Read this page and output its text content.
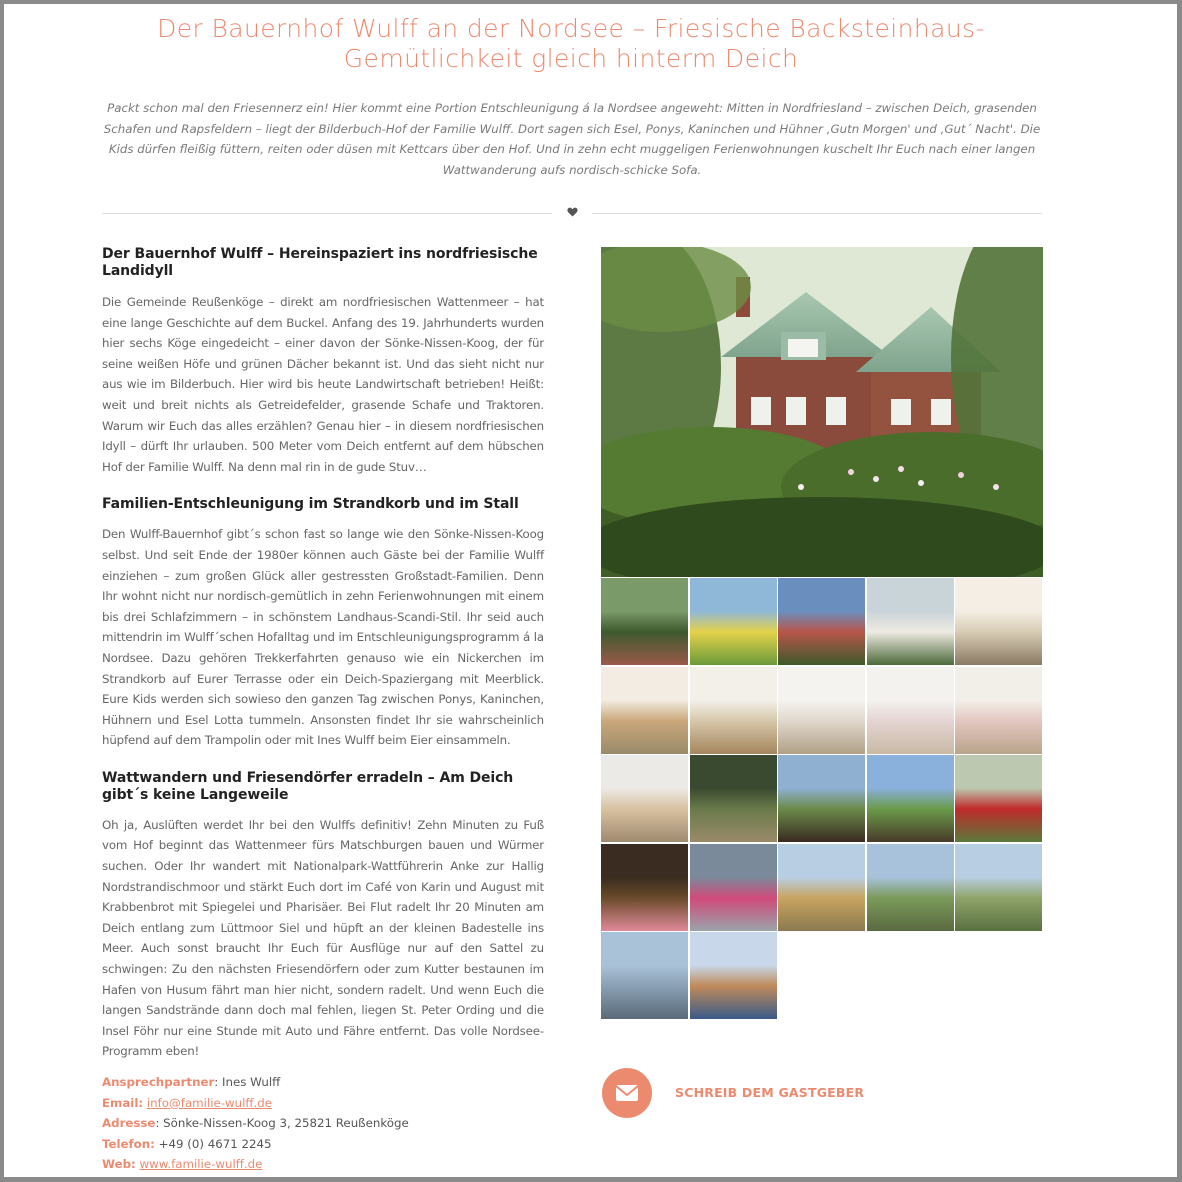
Der Bauernhof Wulff an der Nordsee – Friesische Backsteinhaus-Gemütlichkeit gleich hinterm Deich

Packt schon mal den Friesennerz ein! Hier kommt eine Portion Entschleunigung á la Nordsee angeweht: Mitten in Nordfriesland – zwischen Deich, grasenden Schafen und Rapsfeldern – liegt der Bilderbuch-Hof der Familie Wulff. Dort sagen sich Esel, Ponys, Kaninchen und Hühner ‚Gutn Morgen' und ‚Gut´ Nacht'. Die Kids dürfen fleißig füttern, reiten oder düsen mit Kettcars über den Hof. Und in zehn echt muggeligen Ferienwohnungen kuschelt Ihr Euch nach einer langen Wattwanderung aufs nordisch-schicke Sofa.

Der Bauernhof Wulff – Hereinspaziert ins nordfriesische Landidyll

Die Gemeinde Reußenköge – direkt am nordfriesischen Wattenmeer – hat eine lange Geschichte auf dem Buckel. Anfang des 19. Jahrhunderts wurden hier sechs Köge eingedeicht – einer davon der Sönke-Nissen-Koog, der für seine weißen Höfe und grünen Dächer bekannt ist. Und das sieht nicht nur aus wie im Bilderbuch. Hier wird bis heute Landwirtschaft betrieben! Heißt: weit und breit nichts als Getreidefelder, grasende Schafe und Traktoren. Warum wir Euch das alles erzählen? Genau hier – in diesem nordfriesischen Idyll – dürft Ihr urlauben. 500 Meter vom Deich entfernt auf dem hübschen Hof der Familie Wulff. Na denn mal rin in de gude Stuv…

Familien-Entschleunigung im Strandkorb und im Stall

Den Wulff-Bauernhof gibt´s schon fast so lange wie den Sönke-Nissen-Koog selbst. Und seit Ende der 1980er können auch Gäste bei der Familie Wulff einziehen – zum großen Glück aller gestressten Großstadt-Familien. Denn Ihr wohnt nicht nur nordisch-gemütlich in zehn Ferienwohnungen mit einem bis drei Schlafzimmern – in schönstem Landhaus-Scandi-Stil. Ihr seid auch mittendrin im Wulff´schen Hofalltag und im Entschleunigungsprogramm á la Nordsee. Dazu gehören Trekkerfahrten genauso wie ein Nickerchen im Strandkorb auf Eurer Terrasse oder ein Deich-Spaziergang mit Meerblick. Eure Kids werden sich sowieso den ganzen Tag zwischen Ponys, Kaninchen, Hühnern und Esel Lotta tummeln. Ansonsten findet Ihr sie wahrscheinlich hüpfend auf dem Trampolin oder mit Ines Wulff beim Eier einsammeln.

Wattwandern und Friesendörfer erradeln – Am Deich gibt´s keine Langeweile

Oh ja, Auslüften werdet Ihr bei den Wulffs definitiv! Zehn Minuten zu Fuß vom Hof beginnt das Wattenmeer fürs Matschburgen bauen und Würmer suchen. Oder Ihr wandert mit Nationalpark-Wattführerin Anke zur Hallig Nordstrandischmoor und stärkt Euch dort im Café von Karin und August mit Krabbenbrot mit Spiegelei und Pharisäer. Bei Flut radelt Ihr 20 Minuten am Deich entlang zum Lüttmoor Siel und hüpft an der kleinen Badestelle ins Meer. Auch sonst braucht Ihr Euch für Ausflüge nur auf den Sattel zu schwingen: Zu den nächsten Friesendörfern oder zum Kutter bestaunen im Hafen von Husum fährt man hier nicht, sondern radelt. Und wenn Euch die langen Sandstrände dann doch mal fehlen, liegen St. Peter Ording und die Insel Föhr nur eine Stunde mit Auto und Fähre entfernt. Das volle Nordsee-Programm eben!

Ansprechpartner: Ines Wulff
Email: info@familie-wulff.de
Adresse: Sönke-Nissen-Koog 3, 25821 Reußenköge
Telefon: +49 (0) 4671 2245
Web: www.familie-wulff.de
SCHREIB DEM GASTGEBER
